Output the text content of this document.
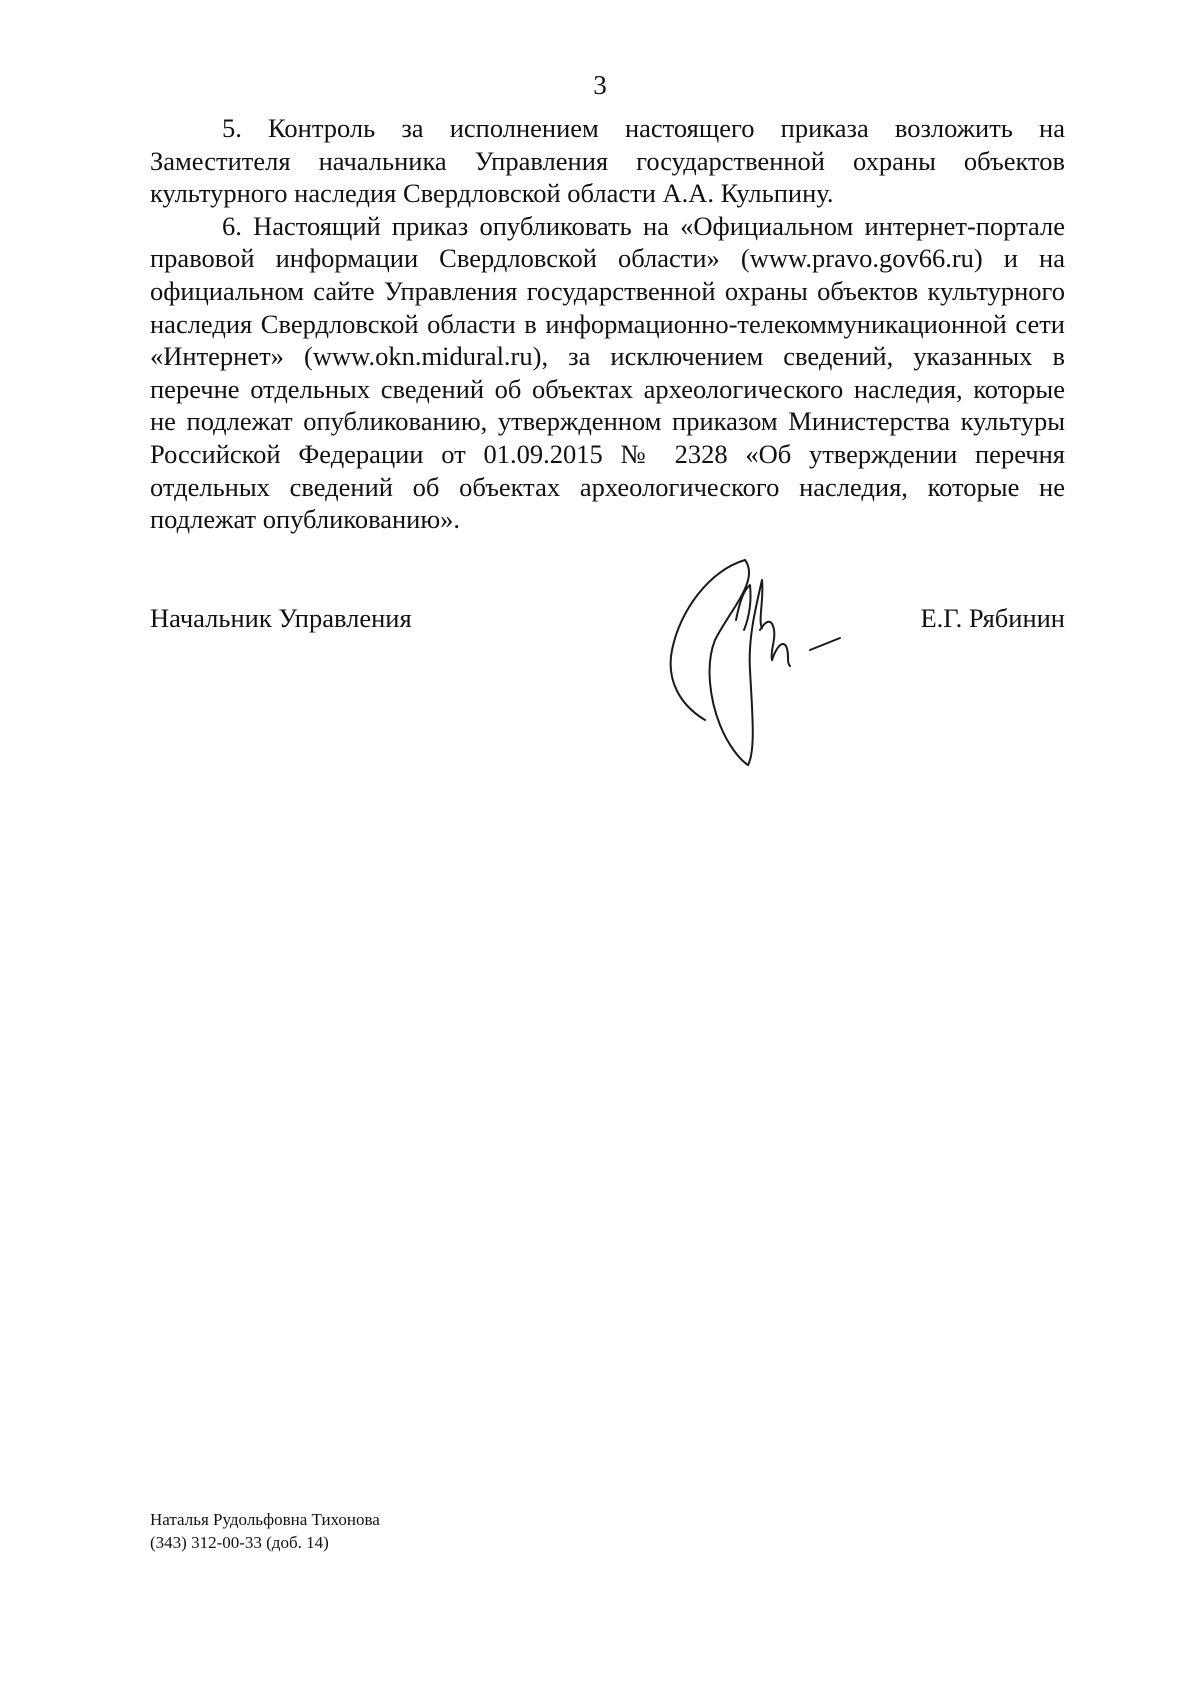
3

5. Контроль за исполнением настоящего приказа возложить на Заместителя начальника Управления государственной охраны объектов культурного наследия Свердловской области А.А. Кульпину.

6. Настоящий приказ опубликовать на «Официальном интернет-портале правовой информации Свердловской области» (www.pravo.gov66.ru) и на официальном сайте Управления государственной охраны объектов культурного наследия Свердловской области в информационно-телекоммуникационной сети «Интернет» (www.okn.midural.ru), за исключением сведений, указанных в перечне отдельных сведений об объектах археологического наследия, которые не подлежат опубликованию, утвержденном приказом Министерства культуры Российской Федерации от 01.09.2015 № 2328 «Об утверждении перечня отдельных сведений об объектах археологического наследия, которые не подлежат опубликованию».

Начальник Управления	Е.Г. Рябинин
Наталья Рудольфовна Тихонова
(343) 312-00-33 (доб. 14)
